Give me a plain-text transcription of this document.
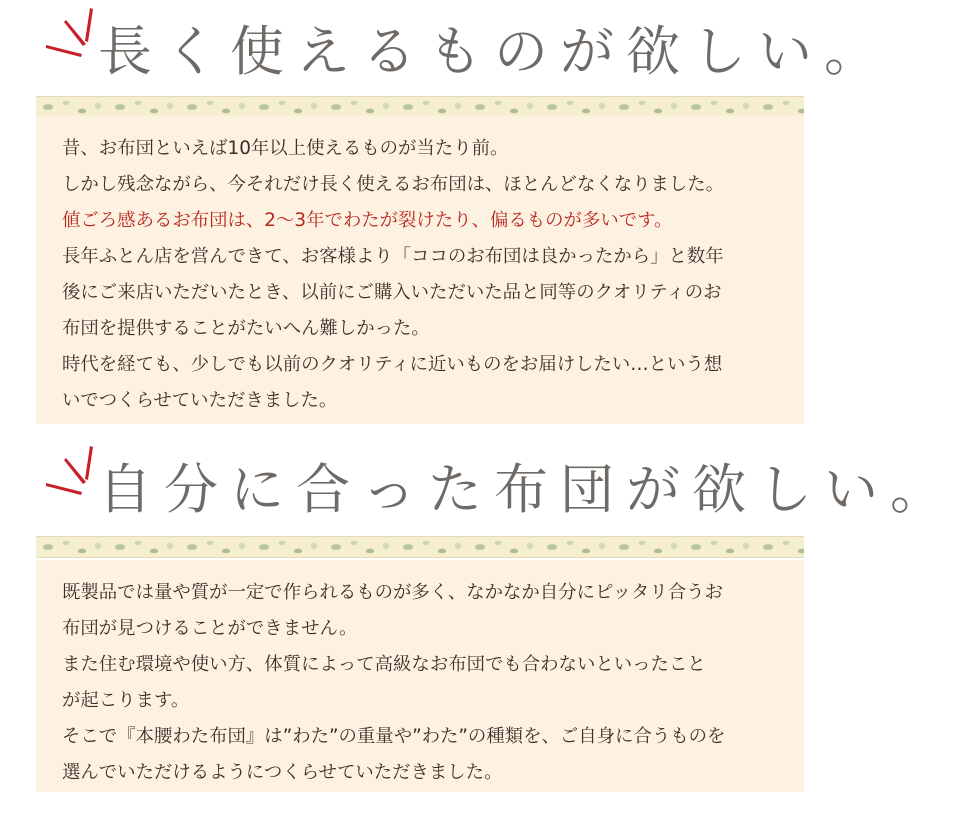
長く使えるものが欲しい。
昔、お布団といえば10年以上使えるものが当たり前。
しかし残念ながら、今それだけ長く使えるお布団は、ほとんどなくなりました。
値ごろ感あるお布団は、2〜3年でわたが裂けたり、偏るものが多いです。
長年ふとん店を営んできて、お客様より「ココのお布団は良かったから」と数年
後にご来店いただいたとき、以前にご購入いただいた品と同等のクオリティのお
布団を提供することがたいへん難しかった。
時代を経ても、少しでも以前のクオリティに近いものをお届けしたい…という想
いでつくらせていただきました。
自分に合った布団が欲しい。
既製品では量や質が一定で作られるものが多く、なかなか自分にピッタリ合うお
布団が見つけることができません。
また住む環境や使い方、体質によって高級なお布団でも合わないといったこと
が起こります。
そこで『本腰わた布団』は”わた”の重量や”わた”の種類を、ご自身に合うものを
選んでいただけるようにつくらせていただきました。
